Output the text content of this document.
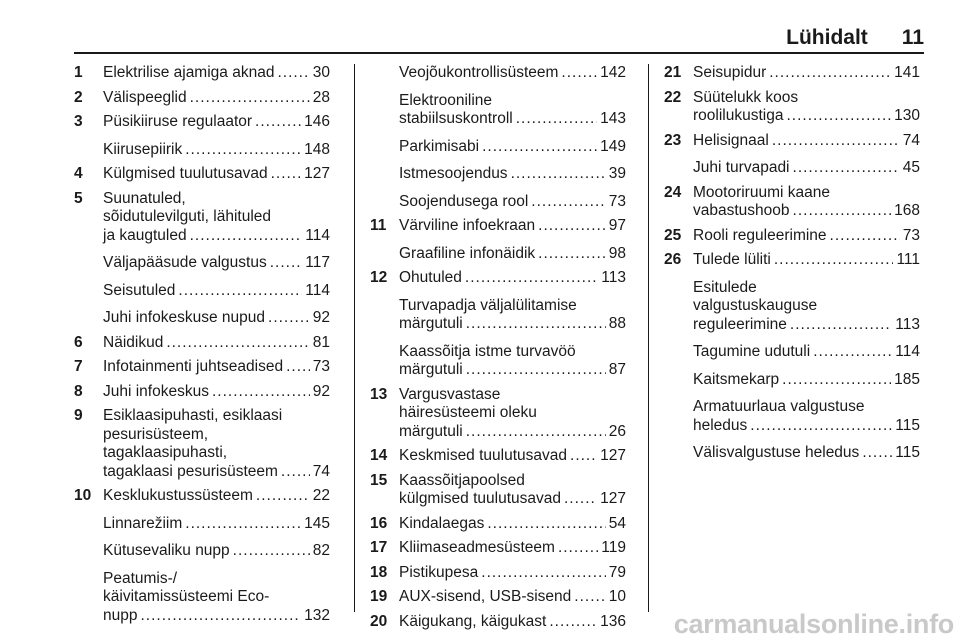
Lühidalt 11
1	Elektrilise ajamiga aknad ..... 30
2	Välispeeglid .....	28
3	Püsikiiruse regulaator .....	146
Kiirusepiirik .....	148
4	Külgmised tuulutusavad ..... 127
5	Suunatuled,
sõidutulevilguti, lähituled
ja kaugtuled .....	114
Väljapääsude valgustus ..... 117
Seisutuled .....	114
Juhi infokeskuse nupud .....	92
6	Näidikud .....	81
7	Infotainmenti juhtseadised ..... 73
8	Juhi infokeskus .....	92
9	Esiklaasipuhasti, esiklaasi
pesurisüsteem,
tagaklaasipuhasti,
tagaklaasi pesurisüsteem ..... 74
10 Kesklukustussüsteem .....	22
Linnarežiim .....	145
Kütusevaliku nupp .....	82
Peatumis-/
käivitamissüsteemi Eco-
nupp .....	132
Veojõukontrollisüsteem .....	142
Elektrooniline
stabiilsuskontroll .....	143
Parkimisabi .....	149
Istmesoojendus .....	39
Soojendusega rool .....	73
11 Värviline infoekraan .....	97
Graafiline infonäidik .....	98
12 Ohutuled .....	113
Turvapadja väljalülitamise
märgutuli .....	88
Kaassõitja istme turvavöö
märgutuli .....	87
13 Vargusvastase
häiresüsteemi oleku
märgutuli .....	26
14 Keskmised tuulutusavad ..... 127
15 Kaassõitjapoolsed
külgmised tuulutusavad .....	127
16 Kindalaegas .....	54
17 Kliimaseadmesüsteem .....	119
18 Pistikupesa .....	79
19 AUX-sisend, USB-sisend ..... 10
20 Käigukang, käigukast .....	136
21 Seisupidur .....	141
22 Süütelukk koos
roolilukustiga .....	130
23 Helisignaal .....	74
Juhi turvapadi .....	45
24 Mootoriruumi kaane
vabastushoob .....	168
25 Rooli reguleerimine .....	73
26 Tulede lüliti .....	111
Esitulede
valgustuskauguse
reguleerimine .....	113
Tagumine udutuli .....	114
Kaitsmekarp .....	185
Armatuurlaua valgustuse
heledus .....	115
Välisvalgustuse heledus ..... 115
carmanualsonline.info
